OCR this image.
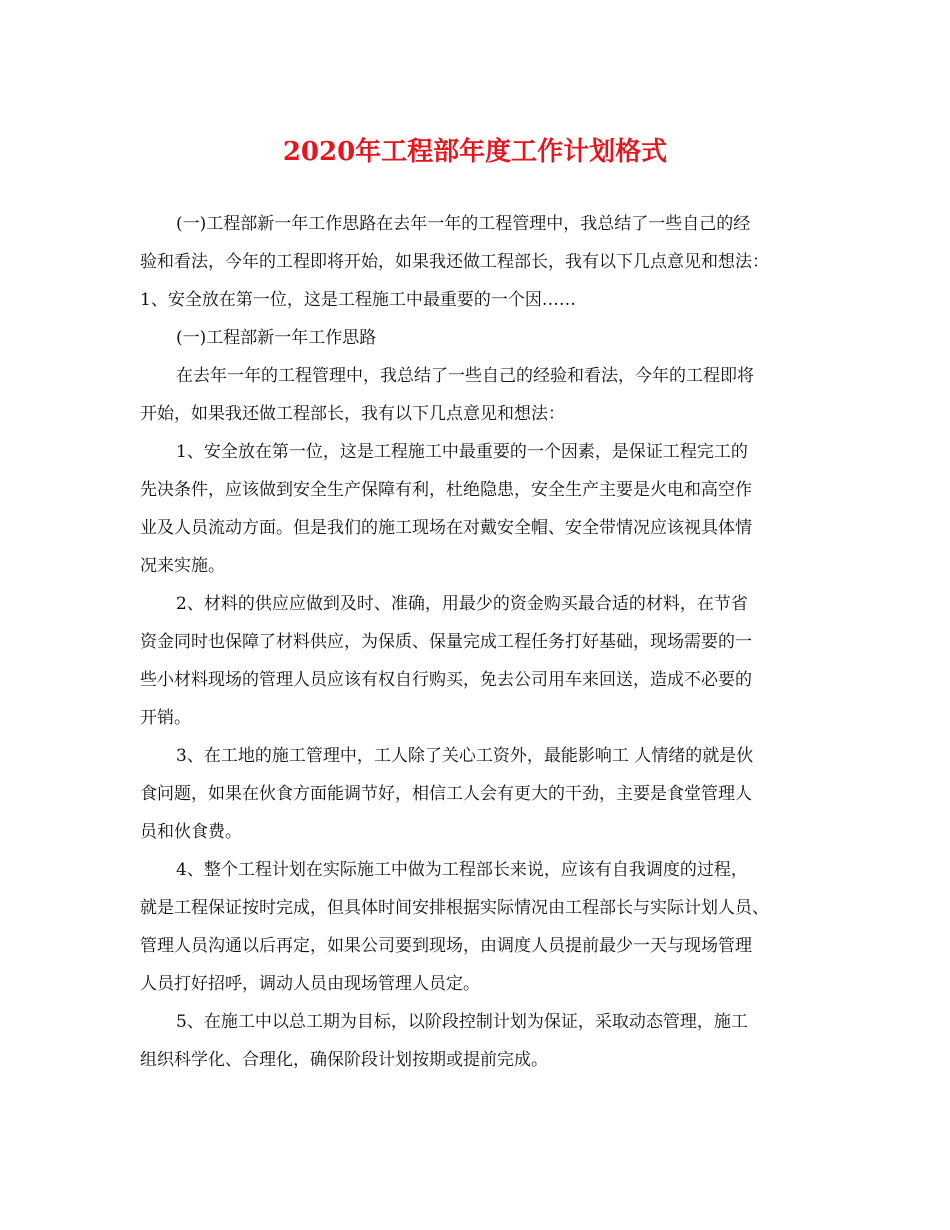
2020年工程部年度工作计划格式
(一)工程部新一年工作思路在去年一年的工程管理中，我总结了一些自己的经
验和看法，今年的工程即将开始，如果我还做工程部长，我有以下几点意见和想法：
1、安全放在第一位，这是工程施工中最重要的一个因……
(一)工程部新一年工作思路
在去年一年的工程管理中，我总结了一些自己的经验和看法，今年的工程即将
开始，如果我还做工程部长，我有以下几点意见和想法：
1、安全放在第一位，这是工程施工中最重要的一个因素，是保证工程完工的
先决条件，应该做到安全生产保障有利，杜绝隐患，安全生产主要是火电和高空作
业及人员流动方面。但是我们的施工现场在对戴安全帽、安全带情况应该视具体情
况来实施。
2、材料的供应应做到及时、准确，用最少的资金购买最合适的材料，在节省
资金同时也保障了材料供应，为保质、保量完成工程任务打好基础，现场需要的一
些小材料现场的管理人员应该有权自行购买，免去公司用车来回送，造成不必要的
开销。
3、在工地的施工管理中，工人除了关心工资外，最能影响工 人情绪的就是伙
食问题，如果在伙食方面能调节好，相信工人会有更大的干劲，主要是食堂管理人
员和伙食费。
4、整个工程计划在实际施工中做为工程部长来说，应该有自我调度的过程，
就是工程保证按时完成，但具体时间安排根据实际情况由工程部长与实际计划人员、
管理人员沟通以后再定，如果公司要到现场，由调度人员提前最少一天与现场管理
人员打好招呼，调动人员由现场管理人员定。
5、在施工中以总工期为目标，以阶段控制计划为保证，采取动态管理，施工
组织科学化、合理化，确保阶段计划按期或提前完成。
